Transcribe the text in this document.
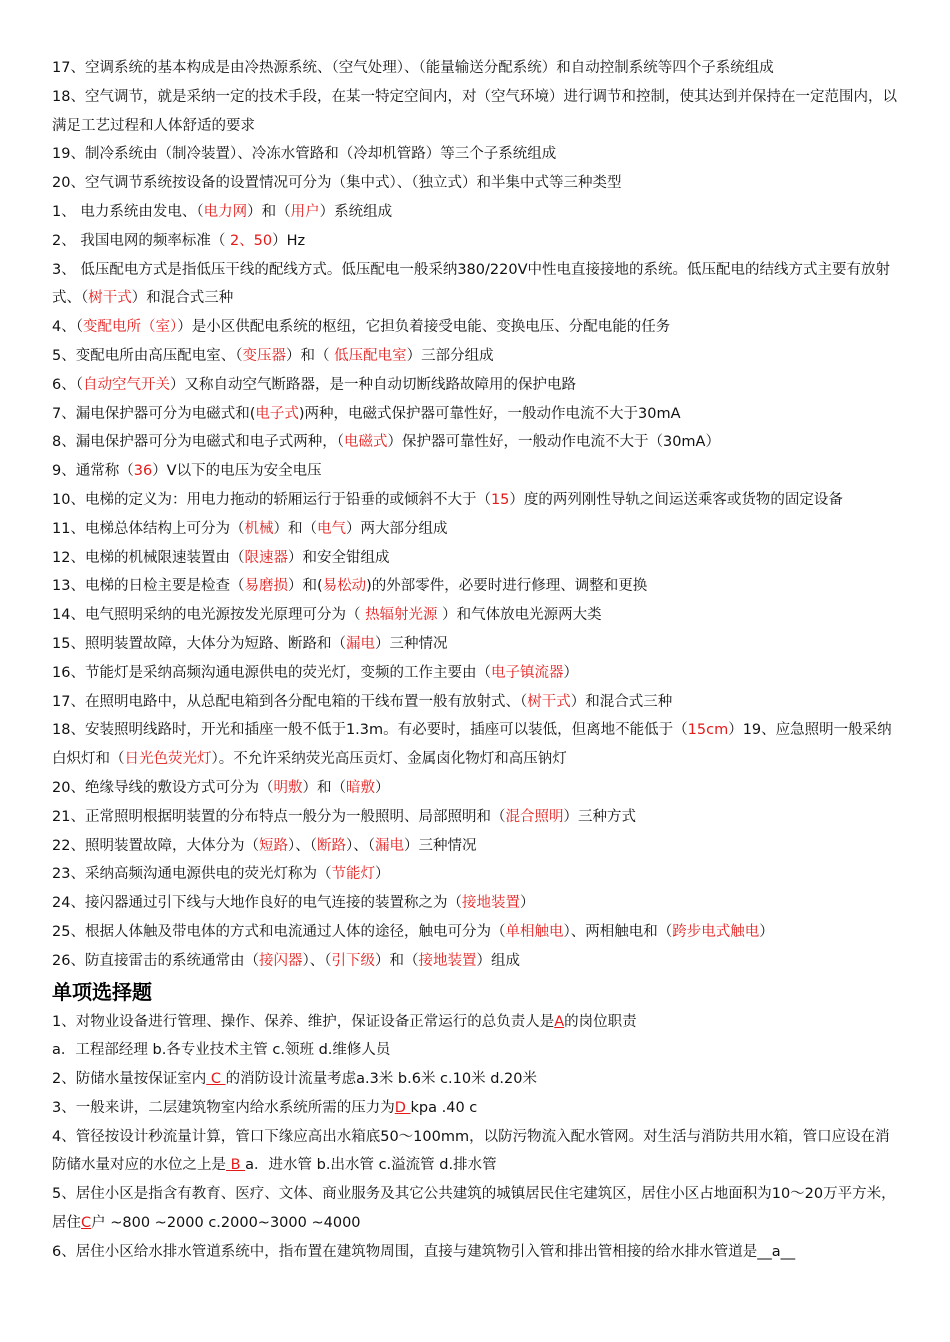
17、空调系统的基本构成是由冷热源系统、（空气处理）、（能量输送分配系统）和自动控制系统等四个子系统组成
18、空气调节，就是采纳一定的技术手段，在某一特定空间内，对（空气环境）进行调节和控制，使其达到并保持在一定范围内，以满足工艺过程和人体舒适的要求
19、制冷系统由（制冷装置）、冷冻水管路和（冷却机管路）等三个子系统组成
20、空气调节系统按设备的设置情况可分为（集中式）、（独立式）和半集中式等三种类型
1、 电力系统由发电、（电力网）和（用户）系统组成
2、 我国电网的频率标准（ 2、50）Hz
3、 低压配电方式是指低压干线的配线方式。低压配电一般采纳380/220V中性电直接接地的系统。低压配电的结线方式主要有放射式、（树干式）和混合式三种
4、（变配电所（室））是小区供配电系统的枢纽，它担负着接受电能、变换电压、分配电能的任务
5、变配电所由高压配电室、（变压器）和（ 低压配电室）三部分组成
6、（自动空气开关）又称自动空气断路器，是一种自动切断线路故障用的保护电路
7、漏电保护器可分为电磁式和(电子式)两种，电磁式保护器可靠性好，一般动作电流不大于30mA
8、漏电保护器可分为电磁式和电子式两种，（电磁式）保护器可靠性好，一般动作电流不大于（30mA）
9、通常称（36）V以下的电压为安全电压
10、电梯的定义为：用电力拖动的轿厢运行于铅垂的或倾斜不大于（15）度的两列刚性导轨之间运送乘客或货物的固定设备
11、电梯总体结构上可分为（机械）和（电气）两大部分组成
12、电梯的机械限速装置由（限速器）和安全钳组成
13、电梯的日检主要是检查（易磨损）和(易松动)的外部零件，必要时进行修理、调整和更换
14、电气照明采纳的电光源按发光原理可分为（ 热辐射光源 ）和气体放电光源两大类
15、照明装置故障，大体分为短路、断路和（漏电）三种情况
16、节能灯是采纳高频沟通电源供电的荧光灯，变频的工作主要由（电子镇流器）
17、在照明电路中，从总配电箱到各分配电箱的干线布置一般有放射式、（树干式）和混合式三种
18、安装照明线路时，开光和插座一般不低于1.3m。有必要时，插座可以装低，但离地不能低于（15cm）19、应急照明一般采纳白炽灯和（日光色荧光灯）。不允许采纳荧光高压贡灯、金属卤化物灯和高压钠灯
20、绝缘导线的敷设方式可分为（明敷）和（暗敷）
21、正常照明根据明装置的分布特点一般分为一般照明、局部照明和（混合照明）三种方式
22、照明装置故障，大体分为（短路）、（断路）、（漏电）三种情况
23、采纳高频沟通电源供电的荧光灯称为（节能灯）
24、接闪器通过引下线与大地作良好的电气连接的装置称之为（接地装置）
25、根据人体触及带电体的方式和电流通过人体的途径，触电可分为（单相触电）、两相触电和（跨步电式触电）
26、防直接雷击的系统通常由（接闪器）、（引下级）和（接地装置）组成
单项选择题
1、对物业设备进行管理、操作、保养、维护，保证设备正常运行的总负责人是A的岗位职责
a．工程部经理 b.各专业技术主管 c.领班 d.维修人员
2、防储水量按保证室内 C 的消防设计流量考虑a.3米 b.6米 c.10米 d.20米
3、一般来讲，二层建筑物室内给水系统所需的压力为D kpa .40 c
4、管径按设计秒流量计算，管口下缘应高出水箱底50～100mm，以防污物流入配水管网。对生活与消防共用水箱，管口应设在消防储水量对应的水位之上是 B a．进水管 b.出水管 c.溢流管 d.排水管
5、居住小区是指含有教育、医疗、文体、商业服务及其它公共建筑的城镇居民住宅建筑区，居住小区占地面积为10～20万平方米，居住C户 ~800 ~2000 c.2000~3000 ~4000
6、居住小区给水排水管道系统中，指布置在建筑物周围，直接与建筑物引入管和排出管相接的给水排水管道是__a__
